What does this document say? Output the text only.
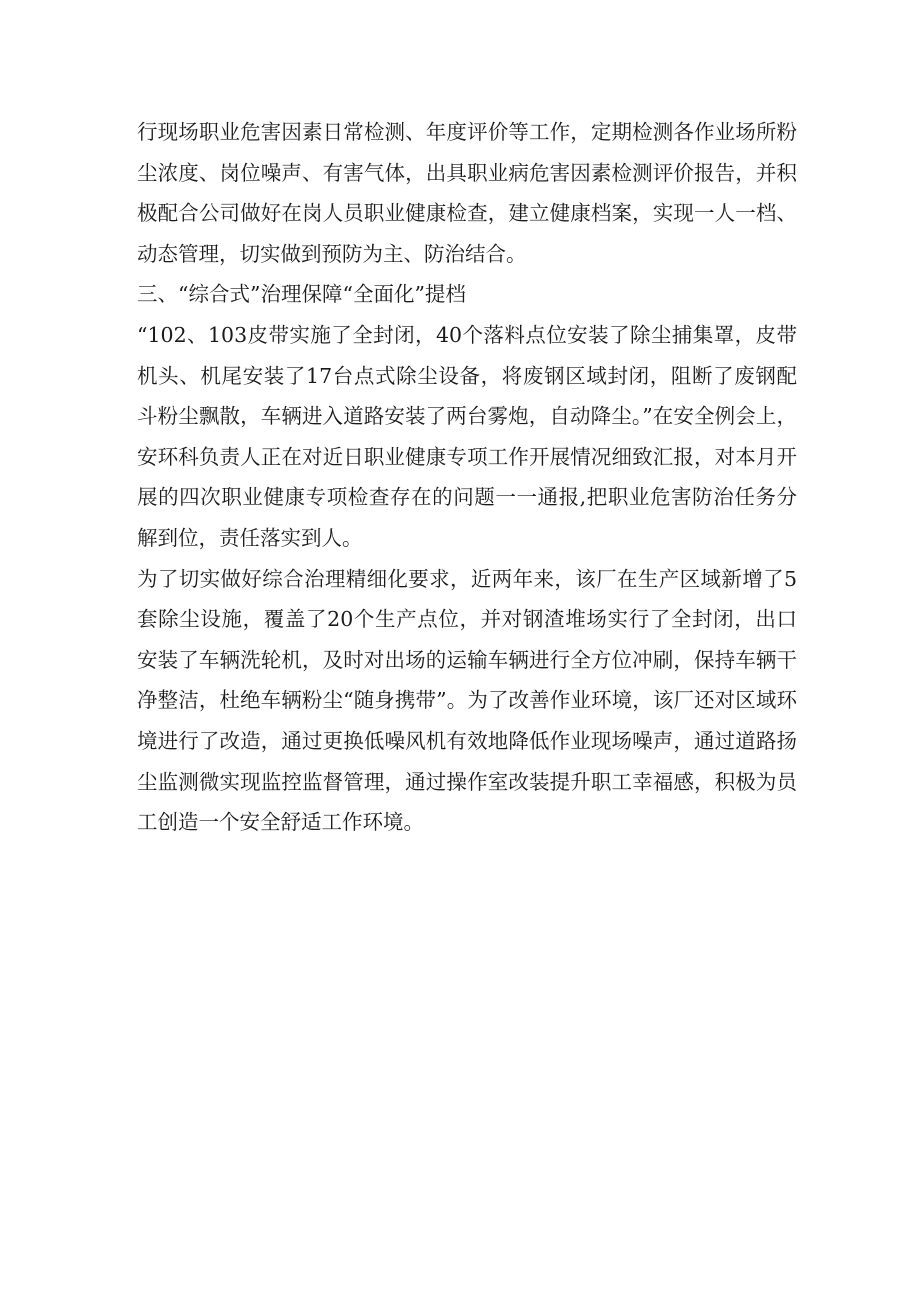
行现场职业危害因素日常检测、年度评价等工作，定期检测各作业场所粉尘浓度、岗位噪声、有害气体，出具职业病危害因素检测评价报告，并积极配合公司做好在岗人员职业健康检查，建立健康档案，实现一人一档、动态管理，切实做到预防为主、防治结合。

三、“综合式”治理保障“全面化”提档

“102、103皮带实施了全封闭，40个落料点位安装了除尘捕集罩，皮带机头、机尾安装了17台点式除尘设备，将废钢区域封闭，阻断了废钢配斗粉尘飘散，车辆进入道路安装了两台雾炮，自动降尘。”在安全例会上，安环科负责人正在对近日职业健康专项工作开展情况细致汇报，对本月开展的四次职业健康专项检查存在的问题一一通报,把职业危害防治任务分解到位，责任落实到人。

为了切实做好综合治理精细化要求，近两年来，该厂在生产区域新增了5套除尘设施，覆盖了20个生产点位，并对钢渣堆场实行了全封闭，出口安装了车辆洗轮机，及时对出场的运输车辆进行全方位冲刷，保持车辆干净整洁，杜绝车辆粉尘“随身携带”。为了改善作业环境，该厂还对区域环境进行了改造，通过更换低噪风机有效地降低作业现场噪声，通过道路扬尘监测微实现监控监督管理，通过操作室改装提升职工幸福感，积极为员工创造一个安全舒适工作环境。
